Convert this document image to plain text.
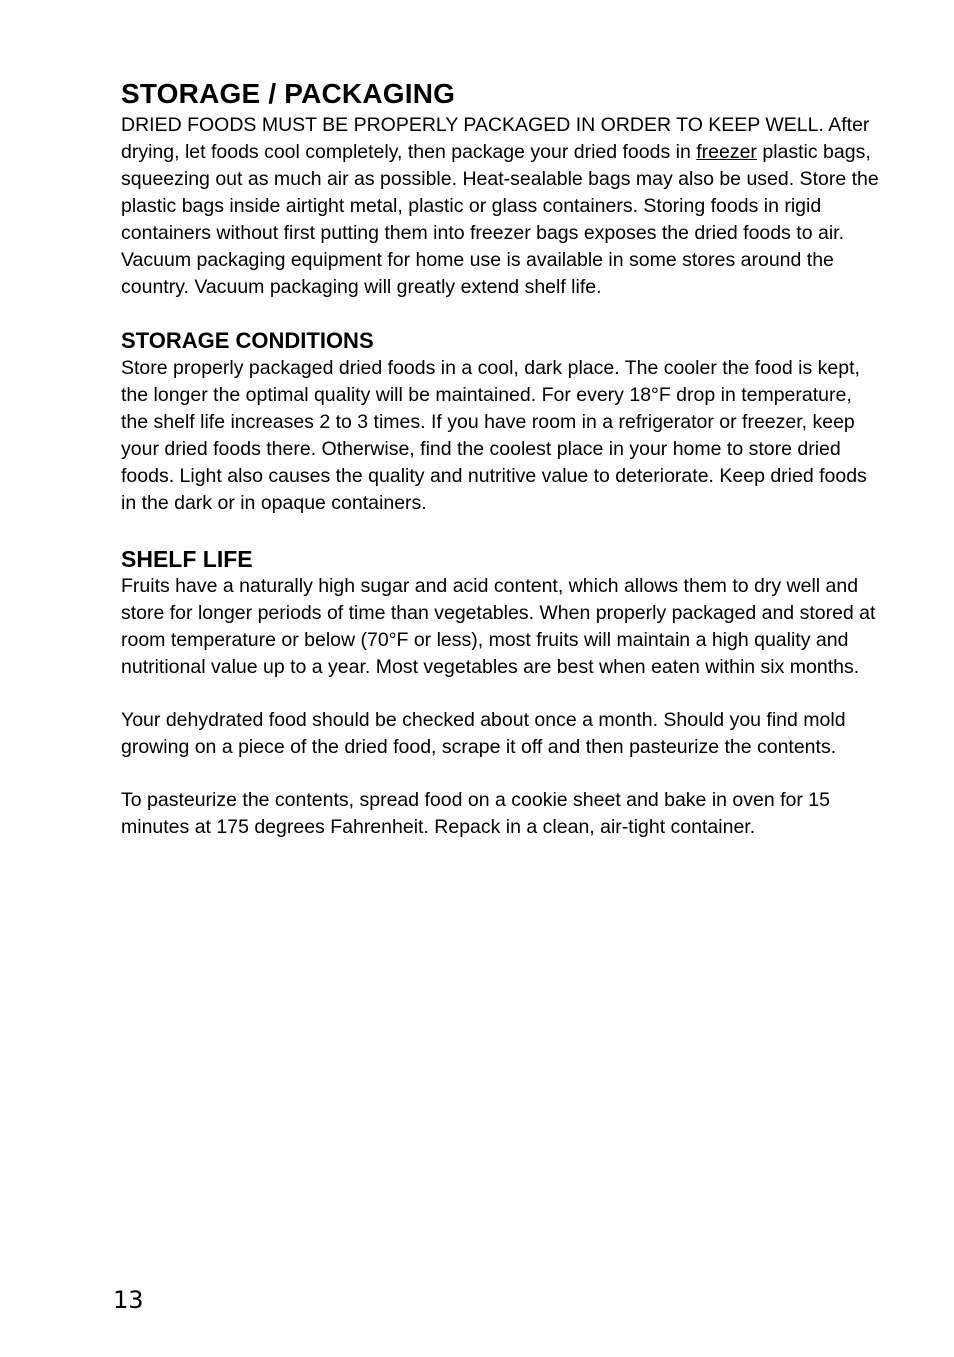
STORAGE / PACKAGING

DRIED FOODS MUST BE PROPERLY PACKAGED IN ORDER TO KEEP WELL. After drying, let foods cool completely, then package your dried foods in freezer plastic bags, squeezing out as much air as possible. Heat-sealable bags may also be used. Store the plastic bags inside airtight metal, plastic or glass containers. Storing foods in rigid containers without first putting them into freezer bags exposes the dried foods to air. Vacuum packaging equipment for home use is available in some stores around the country. Vacuum packaging will greatly extend shelf life.

STORAGE CONDITIONS

Store properly packaged dried foods in a cool, dark place. The cooler the food is kept, the longer the optimal quality will be maintained. For every 18°F drop in temperature, the shelf life increases 2 to 3 times. If you have room in a refrigerator or freezer, keep your dried foods there. Otherwise, find the coolest place in your home to store dried foods. Light also causes the quality and nutritive value to deteriorate. Keep dried foods in the dark or in opaque containers.

SHELF LIFE

Fruits have a naturally high sugar and acid content, which allows them to dry well and store for longer periods of time than vegetables. When properly packaged and stored at room temperature or below (70°F or less), most fruits will maintain a high quality and nutritional value up to a year. Most vegetables are best when eaten within six months.

Your dehydrated food should be checked about once a month. Should you find mold growing on a piece of the dried food, scrape it off and then pasteurize the contents.

To pasteurize the contents, spread food on a cookie sheet and bake in oven for 15 minutes at 175 degrees Fahrenheit. Repack in a clean, air-tight container.

13
